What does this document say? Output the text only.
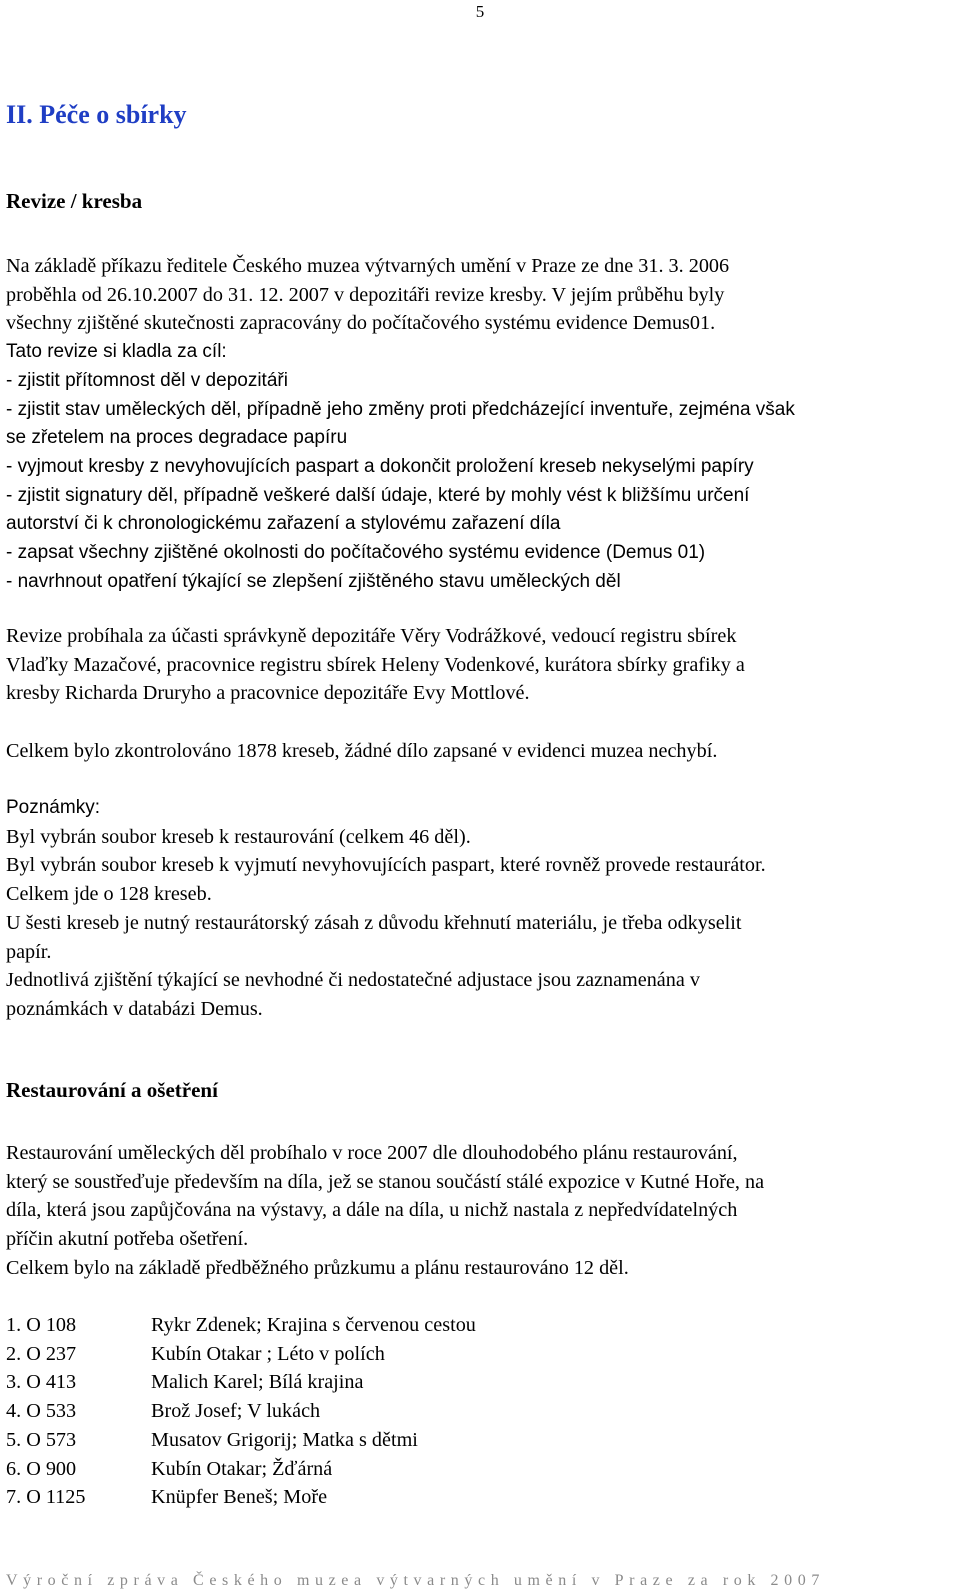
5
II. Péče o sbírky
Revize / kresba
Na základě příkazu ředitele Českého muzea výtvarných umění v Praze ze dne 31. 3. 2006
proběhla od 26.10.2007 do 31. 12. 2007 v depozitáři revize kresby. V jejím průběhu byly
všechny zjištěné skutečnosti zapracovány do počítačového systému evidence Demus01.
Tato revize si kladla za cíl:
- zjistit přítomnost děl v depozitáři
- zjistit stav uměleckých děl, případně jeho změny proti předcházející inventuře, zejména však
se zřetelem na proces degradace papíru
- vyjmout kresby z nevyhovujících paspart a dokončit proložení kreseb nekyselými papíry
- zjistit signatury děl, případně veškeré další údaje, které by mohly vést k bližšímu určení
autorství či k chronologickému zařazení a stylovému zařazení díla
- zapsat všechny zjištěné okolnosti do počítačového systému evidence (Demus 01)
- navrhnout opatření týkající se zlepšení zjištěného stavu uměleckých děl
Revize probíhala za účasti správkyně depozitáře Věry Vodrážkové, vedoucí registru sbírek
Vlaďky Mazačové, pracovnice registru sbírek Heleny Vodenkové, kurátora sbírky grafiky a
kresby Richarda Druryho a pracovnice depozitáře Evy Mottlové.
Celkem bylo zkontrolováno 1878 kreseb, žádné dílo zapsané v evidenci muzea nechybí.
Poznámky:
Byl vybrán soubor kreseb k restaurování (celkem 46 děl).
Byl vybrán soubor kreseb k vyjmutí nevyhovujících paspart, které rovněž provede restaurátor.
Celkem jde o 128 kreseb.
U šesti kreseb je nutný restaurátorský zásah z důvodu křehnutí materiálu, je třeba odkyselit
papír.
Jednotlivá zjištění týkající se nevhodné či nedostatečné adjustace jsou zaznamenána v
poznámkách v databázi Demus.
Restaurování a ošetření
Restaurování uměleckých děl probíhalo v roce 2007 dle dlouhodobého plánu restaurování,
který se soustřeďuje především na díla, jež se stanou součástí stálé expozice v Kutné Hoře, na
díla, která jsou zapůjčována na výstavy, a dále na díla, u nichž nastala z nepředvídatelných
příčin akutní potřeba ošetření.
Celkem bylo na základě předběžného průzkumu a plánu restaurováno 12 děl.
1. O 108	Rykr Zdenek; Krajina s červenou cestou
2. O 237	Kubín Otakar ; Léto v polích
3. O 413	Malich Karel; Bílá krajina
4. O 533	Brož Josef; V lukách
5. O 573	Musatov Grigorij; Matka s dětmi
6. O 900	Kubín Otakar; Žďárná
7. O 1125	Knüpfer Beneš; Moře
Výroční zpráva Českého muzea výtvarných umění v Praze za rok 2007
